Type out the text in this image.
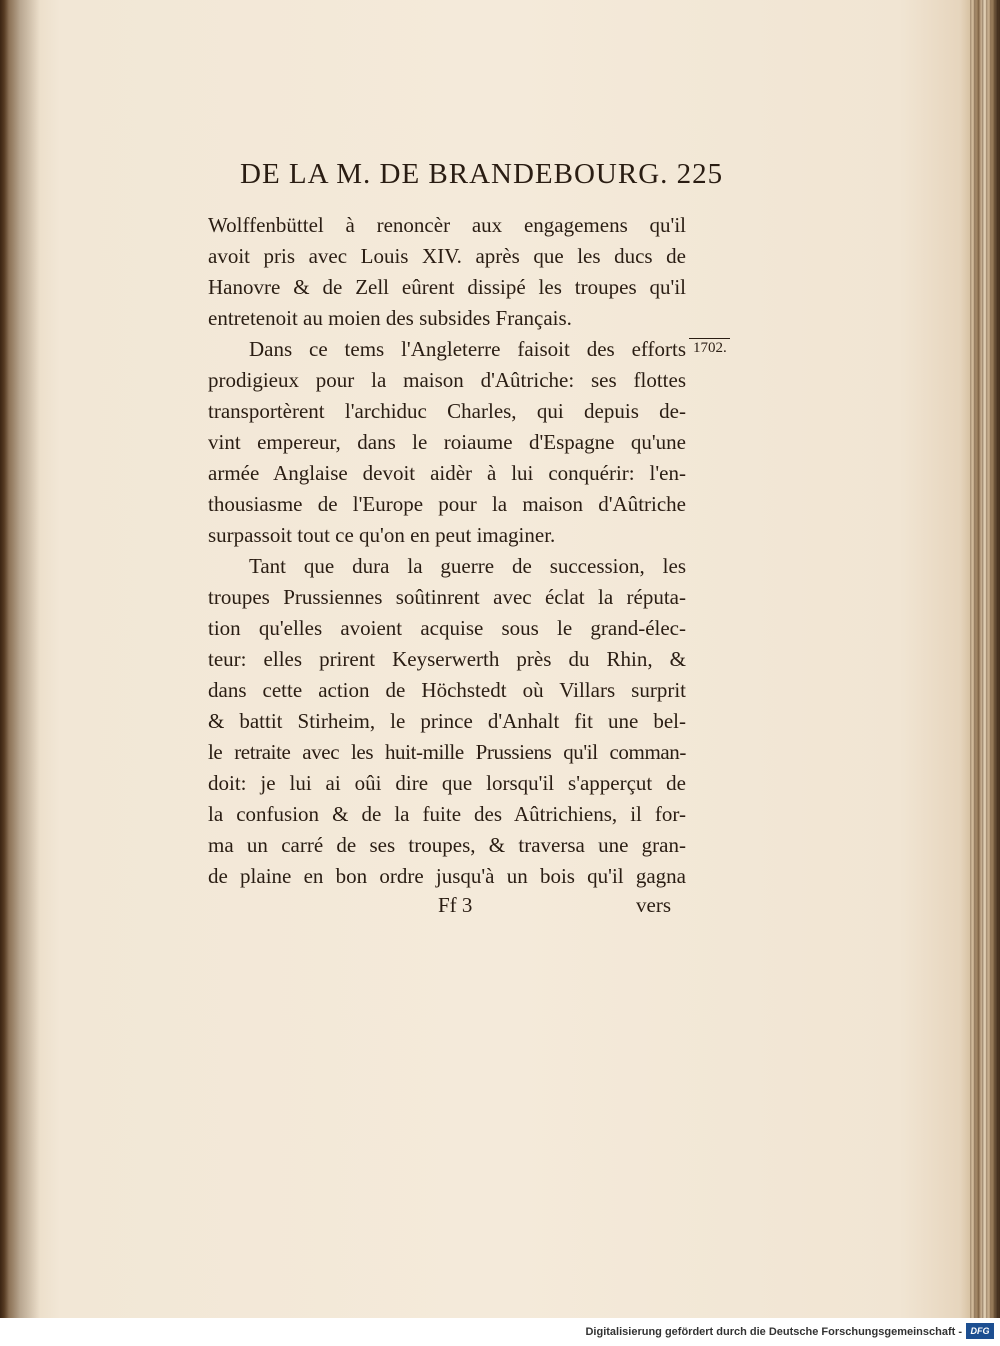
DE LA M. DE BRANDEBOURG. 225

1702.

Wolffenbüttel à renoncèr aux engagemens qu'il

avoit pris avec Louis XIV. après que les ducs de

Hanovre & de Zell eûrent dissipé les troupes qu'il

entretenoit au moien des subsides Français.

Dans ce tems l'Angleterre faisoit des efforts

prodigieux pour la maison d'Aûtriche: ses flottes

transportèrent l'archiduc Charles, qui depuis de-

vint empereur, dans le roiaume d'Espagne qu'une

armée Anglaise devoit aidèr à lui conquérir: l'en-

thousiasme de l'Europe pour la maison d'Aûtriche

surpassoit tout ce qu'on en peut imaginer.

Tant que dura la guerre de succession, les

troupes Prussiennes soûtinrent avec éclat la réputa-

tion qu'elles avoient acquise sous le grand-élec-

teur: elles prirent Keyserwerth près du Rhin, &

dans cette action de Höchstedt où Villars surprit

& battit Stirheim, le prince d'Anhalt fit une bel-

le retraite avec les huit-mille Prussiens qu'il comman-

doit: je lui ai oûi dire que lorsqu'il s'apperçut de

la confusion & de la fuite des Aûtrichiens, il for-

ma un carré de ses troupes, & traversa une gran-

de plaine en bon ordre jusqu'à un bois qu'il gagna

Ff 3	vers
Digitalisierung gefördert durch die Deutsche Forschungsgemeinschaft - DFG
